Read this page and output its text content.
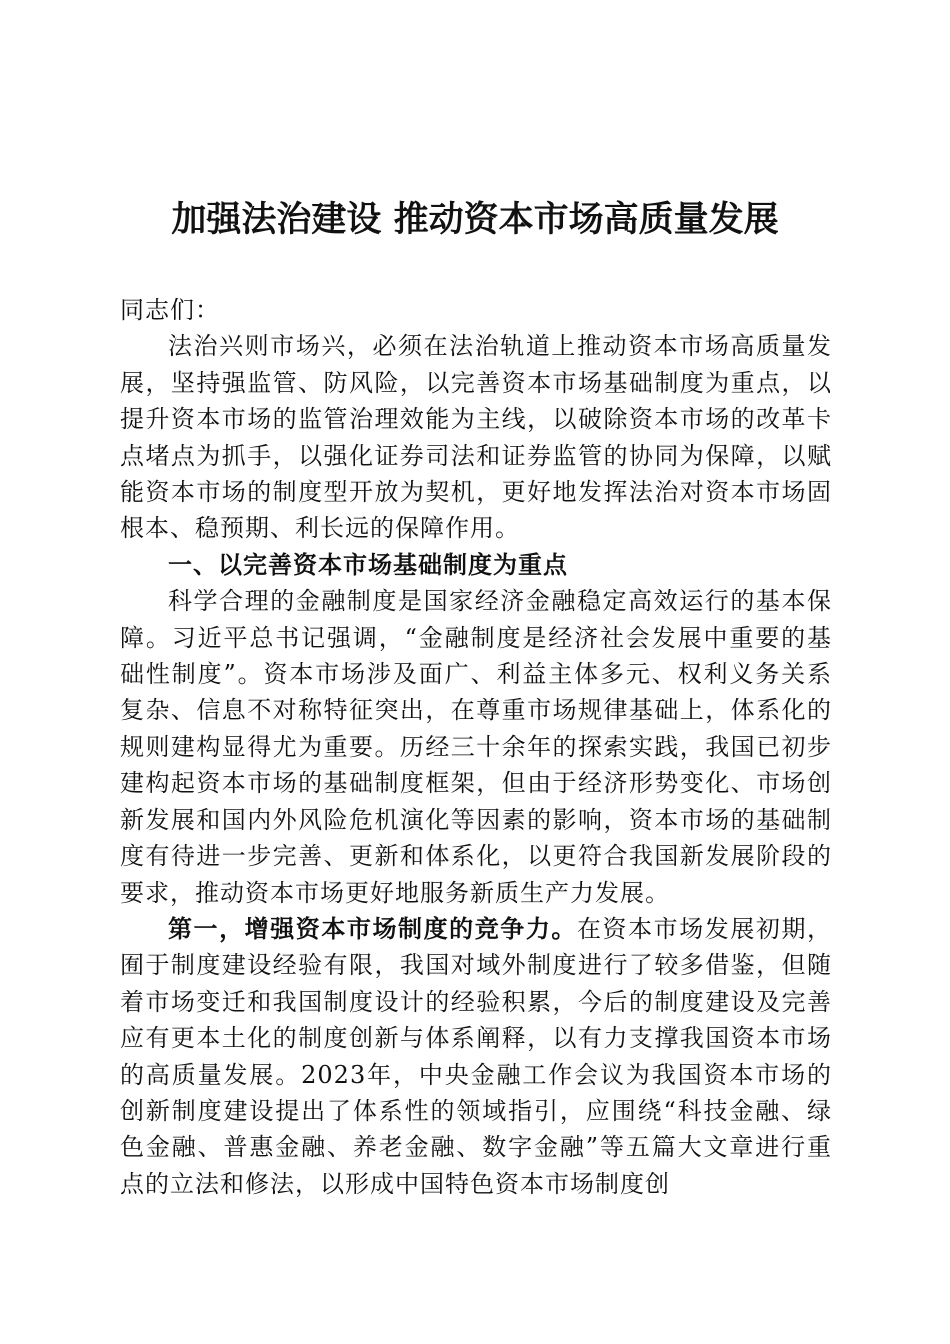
加强法治建设 推动资本市场高质量发展

同志们：

法治兴则市场兴，必须在法治轨道上推动资本市场高质量发展，坚持强监管、防风险，以完善资本市场基础制度为重点，以提升资本市场的监管治理效能为主线，以破除资本市场的改革卡点堵点为抓手，以强化证券司法和证券监管的协同为保障，以赋能资本市场的制度型开放为契机，更好地发挥法治对资本市场固根本、稳预期、利长远的保障作用。

一、以完善资本市场基础制度为重点

科学合理的金融制度是国家经济金融稳定高效运行的基本保障。习近平总书记强调，“金融制度是经济社会发展中重要的基础性制度”。资本市场涉及面广、利益主体多元、权利义务关系复杂、信息不对称特征突出，在尊重市场规律基础上，体系化的规则建构显得尤为重要。历经三十余年的探索实践，我国已初步建构起资本市场的基础制度框架，但由于经济形势变化、市场创新发展和国内外风险危机演化等因素的影响，资本市场的基础制度有待进一步完善、更新和体系化，以更符合我国新发展阶段的要求，推动资本市场更好地服务新质生产力发展。

第一，增强资本市场制度的竞争力。在资本市场发展初期，囿于制度建设经验有限，我国对域外制度进行了较多借鉴，但随着市场变迁和我国制度设计的经验积累，今后的制度建设及完善应有更本土化的制度创新与体系阐释，以有力支撑我国资本市场的高质量发展。2023年，中央金融工作会议为我国资本市场的创新制度建设提出了体系性的领域指引，应围绕“科技金融、绿色金融、普惠金融、养老金融、数字金融”等五篇大文章进行重点的立法和修法，以形成中国特色资本市场制度创
